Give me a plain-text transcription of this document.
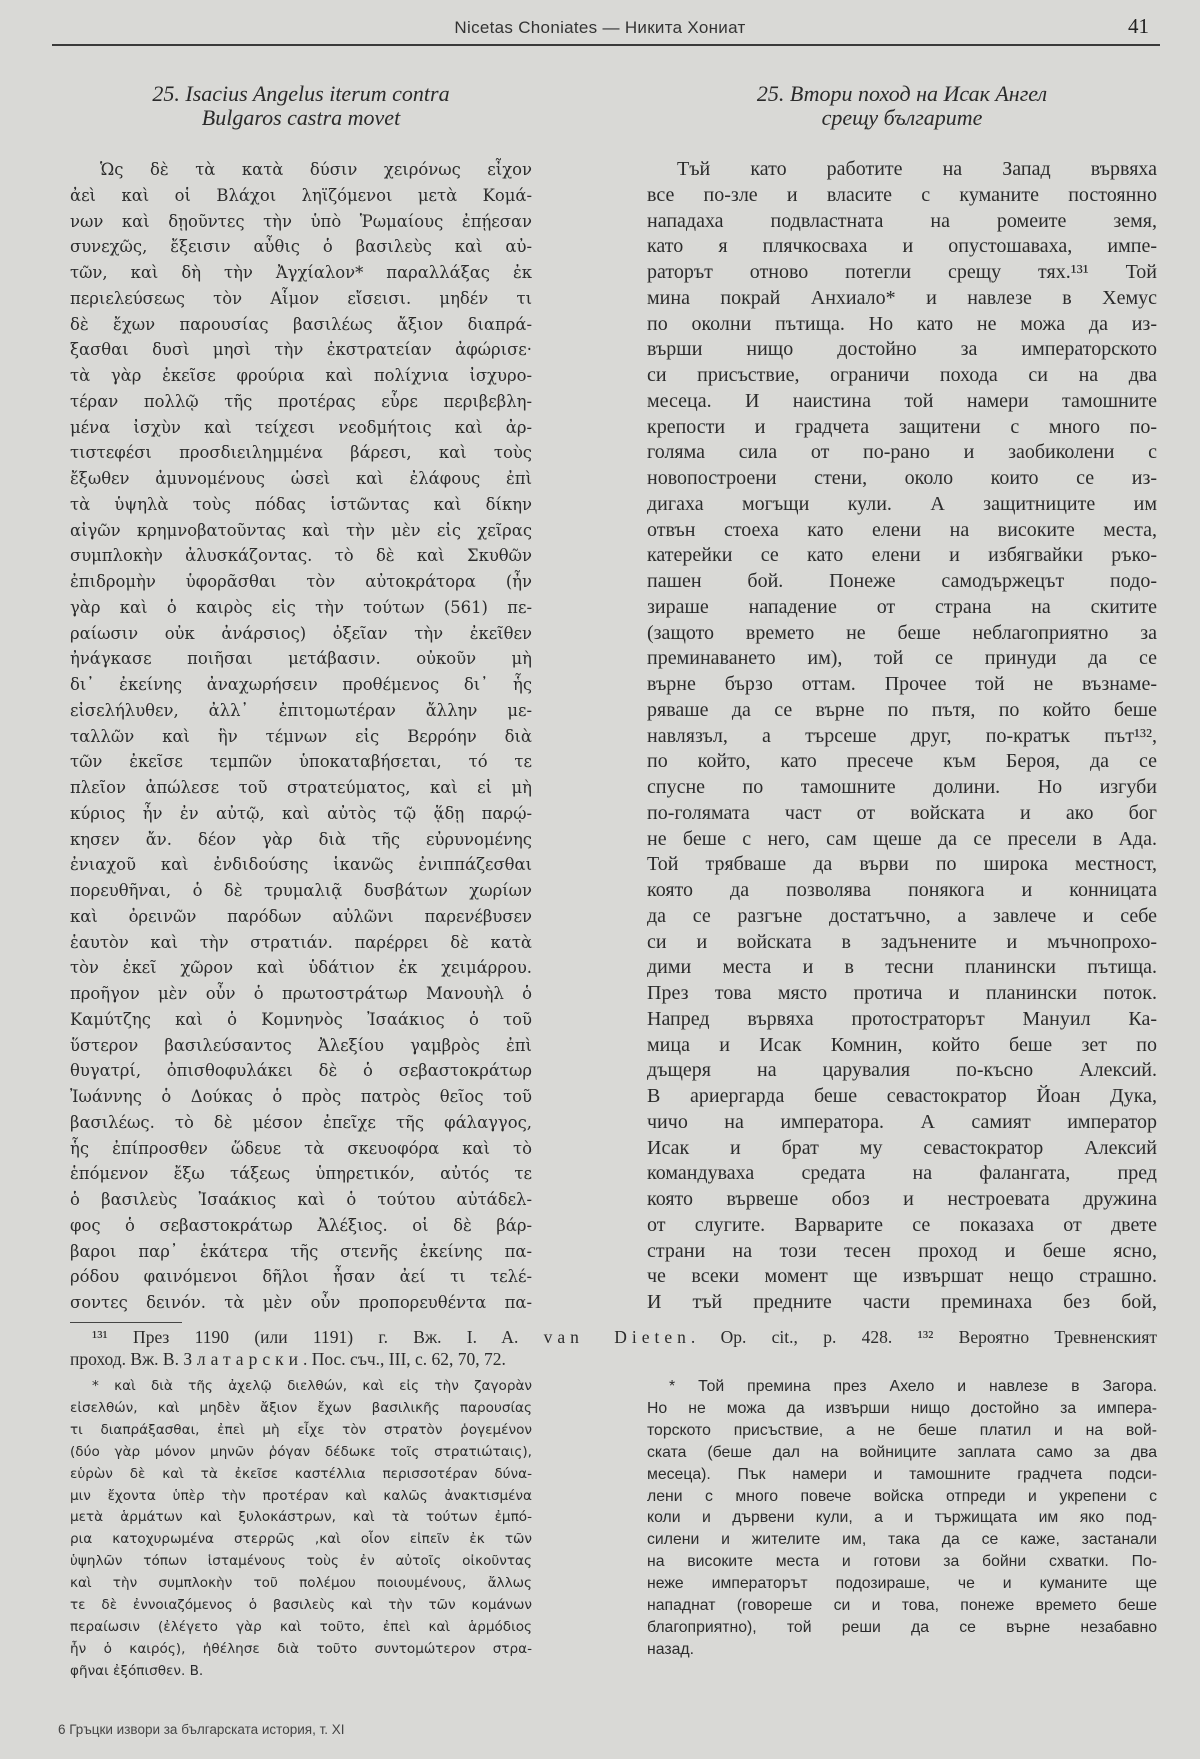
Nicetas Choniates — Никита Хониат	41
25. Isacius Angelus iterum contra
Bulgaros castra movet
25. Втори поход на Исак Ангел
срещу българите
Ὡς δὲ τὰ κατὰ δύσιν χειρόνως εἶχον
ἀεὶ καὶ οἱ Βλάχοι ληϊζόμενοι μετὰ Κομά-
νων καὶ δῃοῦντες τὴν ὑπὸ Ῥωμαίους ἐπῄεσαν
συνεχῶς, ἔξεισιν αὖθις ὁ βασιλεὺς καὶ αὐ-
τῶν, καὶ δὴ τὴν Ἀγχίαλον* παραλλάξας ἐκ
περιελεύσεως τὸν Αἷμον εἴσεισι. μηδέν τι
δὲ ἔχων παρουσίας βασιλέως ἄξιον διαπρά-
ξασθαι δυσὶ μησὶ τὴν ἐκστρατείαν ἀφώρισε·
τὰ γὰρ ἐκεῖσε φρούρια καὶ πολίχνια ἰσχυρο-
τέραν πολλῷ τῆς προτέρας εὗρε περιβεβλη-
μένα ἰσχὺν καὶ τείχεσι νεοδμήτοις καὶ ἀρ-
τιστεφέσι προσδιειλημμένα βάρεσι, καὶ τοὺς
ἔξωθεν ἀμυνομένους ὡσεὶ καὶ ἐλάφους ἐπὶ
τὰ ὑψηλὰ τοὺς πόδας ἱστῶντας καὶ δίκην
αἰγῶν κρημνοβατοῦντας καὶ τὴν μὲν εἰς χεῖρας
συμπλοκὴν ἀλυσκάζοντας. τὸ δὲ καὶ Σκυθῶν
ἐπιδρομὴν ὑφορᾶσθαι τὸν αὐτοκράτορα (ἦν
γὰρ καὶ ὁ καιρὸς εἰς τὴν τούτων (561) πε-
ραίωσιν οὐκ ἀνάρσιος) ὀξεῖαν τὴν ἐκεῖθεν
ἠνάγκασε ποιῆσαι μετάβασιν. οὐκοῦν μὴ
δι᾽ ἐκείνης ἀναχωρήσειν προθέμενος δι᾽ ἧς
εἰσελήλυθεν, ἀλλ᾽ ἐπιτομωτέραν ἄλλην με-
ταλλῶν καὶ ἣν τέμνων εἰς Βερρόην διὰ
τῶν ἐκεῖσε τεμπῶν ὑποκαταβήσεται, τό τε
πλεῖον ἀπώλεσε τοῦ στρατεύματος, καὶ εἰ μὴ
κύριος ἦν ἐν αὐτῷ, καὶ αὐτὸς τῷ ᾅδῃ παρῴ-
κησεν ἄν. δέον γὰρ διὰ τῆς εὐρυνομένης
ἐνιαχοῦ καὶ ἐνδιδούσης ἱκανῶς ἐνιππάζεσθαι
πορευθῆναι, ὁ δὲ τρυμαλιᾷ δυσβάτων χωρίων
καὶ ὀρεινῶν παρόδων αὐλῶνι παρενέβυσεν
ἑαυτὸν καὶ τὴν στρατιάν. παρέρρει δὲ κατὰ
τὸν ἐκεῖ χῶρον καὶ ὑδάτιον ἐκ χειμάρρου.
προῆγον μὲν οὖν ὁ πρωτοστράτωρ Μανουὴλ ὁ
Καμύτζης καὶ ὁ Κομνηνὸς Ἰσαάκιος ὁ τοῦ
ὕστερον βασιλεύσαντος Ἀλεξίου γαμβρὸς ἐπὶ
θυγατρί, ὀπισθοφυλάκει δὲ ὁ σεβαστοκράτωρ
Ἰωάννης ὁ Δούκας ὁ πρὸς πατρὸς θεῖος τοῦ
βασιλέως. τὸ δὲ μέσον ἐπεῖχε τῆς φάλαγγος,
ἧς ἐπίπροσθεν ὥδευε τὰ σκευοφόρα καὶ τὸ
ἑπόμενον ἔξω τάξεως ὑπηρετικόν, αὐτός τε
ὁ βασιλεὺς Ἰσαάκιος καὶ ὁ τούτου αὐτάδελ-
φος ὁ σεβαστοκράτωρ Ἀλέξιος. οἱ δὲ βάρ-
βαροι παρ᾽ ἑκάτερα τῆς στενῆς ἐκείνης πα-
ρόδου φαινόμενοι δῆλοι ἦσαν ἀεί τι τελέ-
σοντες δεινόν. τὰ μὲν οὖν προπορευθέντα πα-
Тъй като работите на Запад вървяха
все по-зле и власите с куманите постоянно
нападаха подвластната на ромеите земя,
като я плячкосваха и опустошаваха, импе-
раторът отново потегли срещу тях.¹³¹ Той
мина покрай Анхиало* и навлезе в Хемус
по околни пътища. Но като не можа да из-
върши нищо достойно за императорското
си присъствие, ограничи похода си на два
месеца. И наистина той намери тамошните
крепости и градчета защитени с много по-
голяма сила от по-рано и заобиколени с
новопостроени стени, около които се из-
дигаха могъщи кули. А защитниците им
отвън стоеха като елени на високите места,
катерейки се като елени и избягвайки ръко-
пашен бой. Понеже самодържецът подо-
зираше нападение от страна на скитите
(защото времето не беше неблагоприятно за
преминаването им), той се принуди да се
върне бързо оттам. Прочее той не възнаме-
ряваше да се върне по пътя, по който беше
навлязъл, а търсеше друг, по-кратък път¹³²,
по който, като пресече към Бероя, да се
спусне по тамошните долини. Но изгуби
по-голямата част от войската и ако бог
не беше с него, сам щеше да се пресели в Ада.
Той трябваше да върви по широка местност,
която да позволява понякога и конницата
да се разгъне достатъчно, а завлече и себе
си и войската в задънените и мъчнопрохо-
дими места и в тесни планински пътища.
През това място протича и планински поток.
Напред вървяха протостраторът Мануил Ка-
мица и Исак Комнин, който беше зет по
дъщеря на царувалия по-късно Алексий.
В ариергарда беше севастократор Йоан Дука,
чичо на императора. А самият император
Исак и брат му севастократор Алексий
командуваха средата на фалангата, пред
която вървеше обоз и нестроевата дружина
от слугите. Варварите се показаха от двете
страни на този тесен проход и беше ясно,
че всеки момент ще извършат нещо страшно.
И тъй предните части преминаха без бой,
¹³¹ През 1190 (или 1191) г. Вж. I. A. van Dieten. Op. cit., p. 428. ¹³² Вероятно Тревненският
проход. Вж. В. Златарски. Пос. съч., III, с. 62, 70, 72.
* καὶ διὰ τῆς ἀχελῷ διελθών, καὶ εἰς τὴν ζαγορὰν
εἰσελθών, καὶ μηδὲν ἄξιον ἔχων βασιλικῆς παρουσίας
τι διαπράξασθαι, ἐπεὶ μὴ εἶχε τὸν στρατὸν ῥογεμένον
(δύο γὰρ μόνον μηνῶν ῥόγαν δέδωκε τοῖς στρατιώταις),
εὑρὼν δὲ καὶ τὰ ἐκεῖσε καστέλλια περισσοτέραν δύνα-
μιν ἔχοντα ὑπὲρ τὴν προτέραν καὶ καλῶς ἀνακτισμένα
μετὰ ἁρμάτων καὶ ξυλοκάστρων, καὶ τὰ τούτων ἐμπό-
ρια κατοχυρωμένα στερρῶς ,καὶ οἷον εἰπεῖν ἐκ τῶν
ὑψηλῶν τόπων ἱσταμένους τοὺς ἐν αὐτοῖς οἰκοῦντας
καὶ τὴν συμπλοκὴν τοῦ πολέμου ποιουμένους, ἄλλως
τε δὲ ἐννοιαζόμενος ὁ βασιλεὺς καὶ τὴν τῶν κομάνων
περαίωσιν (ἐλέγετο γὰρ καὶ τοῦτο, ἐπεὶ καὶ ἁρμόδιος
ἦν ὁ καιρός), ἠθέλησε διὰ τοῦτο συντομώτερον στρα-
φῆναι ἐξόπισθεν. Β.
* Той премина през Ахело и навлезе в Загора.
Но не можа да извърши нищо достойно за импера-
торското присъствие, а не беше платил и на вой-
ската (беше дал на войниците заплата само за два
месеца). Пък намери и тамошните градчета подси-
лени с много повече войска отпреди и укрепени с
коли и дървени кули, а и тържищата им яко под-
силени и жителите им, така да се каже, застанали
на високите места и готови за бойни схватки. По-
неже императорът подозираше, че и куманите ще
нападнат (говореше си и това, понеже времето беше
благоприятно), той реши да се върне незабавно
назад.
6 Гръцки извори за българската история, т. XI
